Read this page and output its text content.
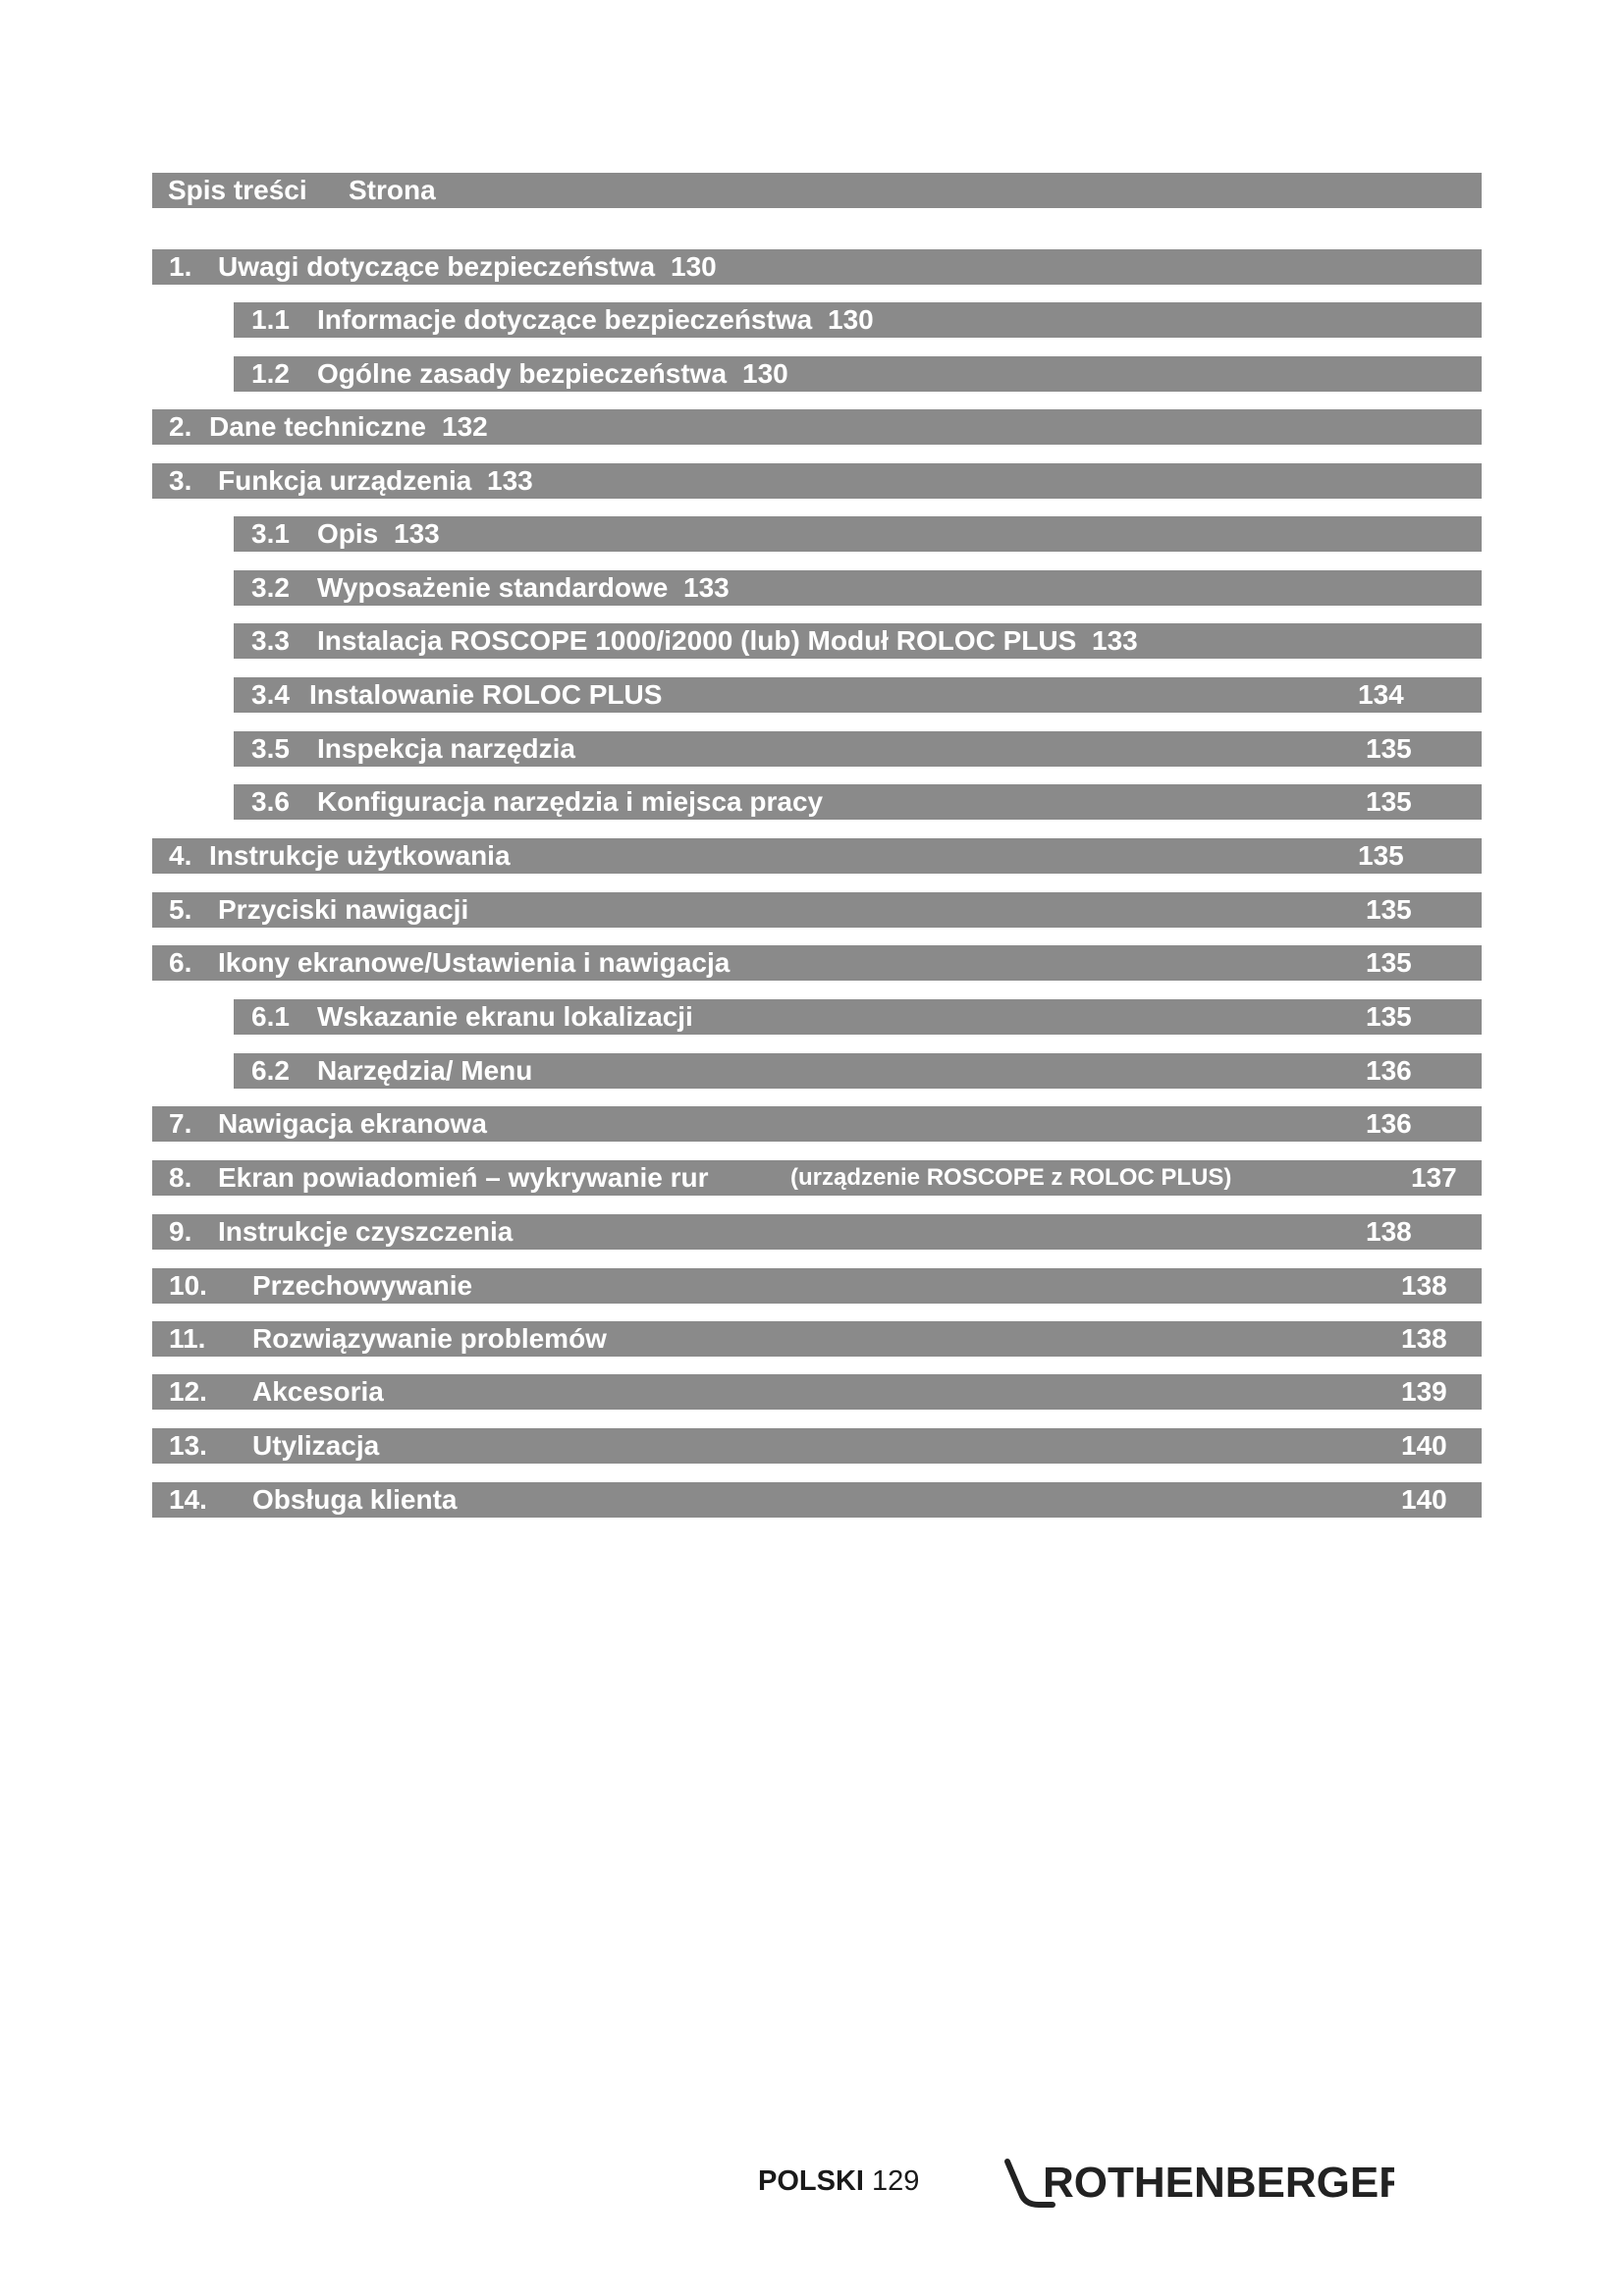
Spis treści Strona
1. Uwagi dotyczące bezpieczeństwa 130
1.1 Informacje dotyczące bezpieczeństwa 130
1.2 Ogólne zasady bezpieczeństwa 130
2. Dane techniczne 132
3. Funkcja urządzenia 133
3.1 Opis 133
3.2 Wyposażenie standardowe 133
3.3 Instalacja ROSCOPE 1000/i2000 (lub) Moduł ROLOC PLUS 133
3.4 Instalowanie ROLOC PLUS	134
3.5 Inspekcja narzędzia	135
3.6 Konfiguracja narzędzia i miejsca pracy	135
4. Instrukcje użytkowania	135
5. Przyciski nawigacji	135
6. Ikony ekranowe/Ustawienia i nawigacja	135
6.1 Wskazanie ekranu lokalizacji	135
6.2 Narzędzia/ Menu	136
7. Nawigacja ekranowa	136
8. Ekran powiadomień – wykrywanie rur	(urządzenie ROSCOPE z ROLOC PLUS)	137
9. Instrukcje czyszczenia	138
10. Przechowywanie	138
11. Rozwiązywanie problemów	138
12. Akcesoria	139
13. Utylizacja	140
14. Obsługa klienta	140
POLSKI 129	ROTHENBERGER
